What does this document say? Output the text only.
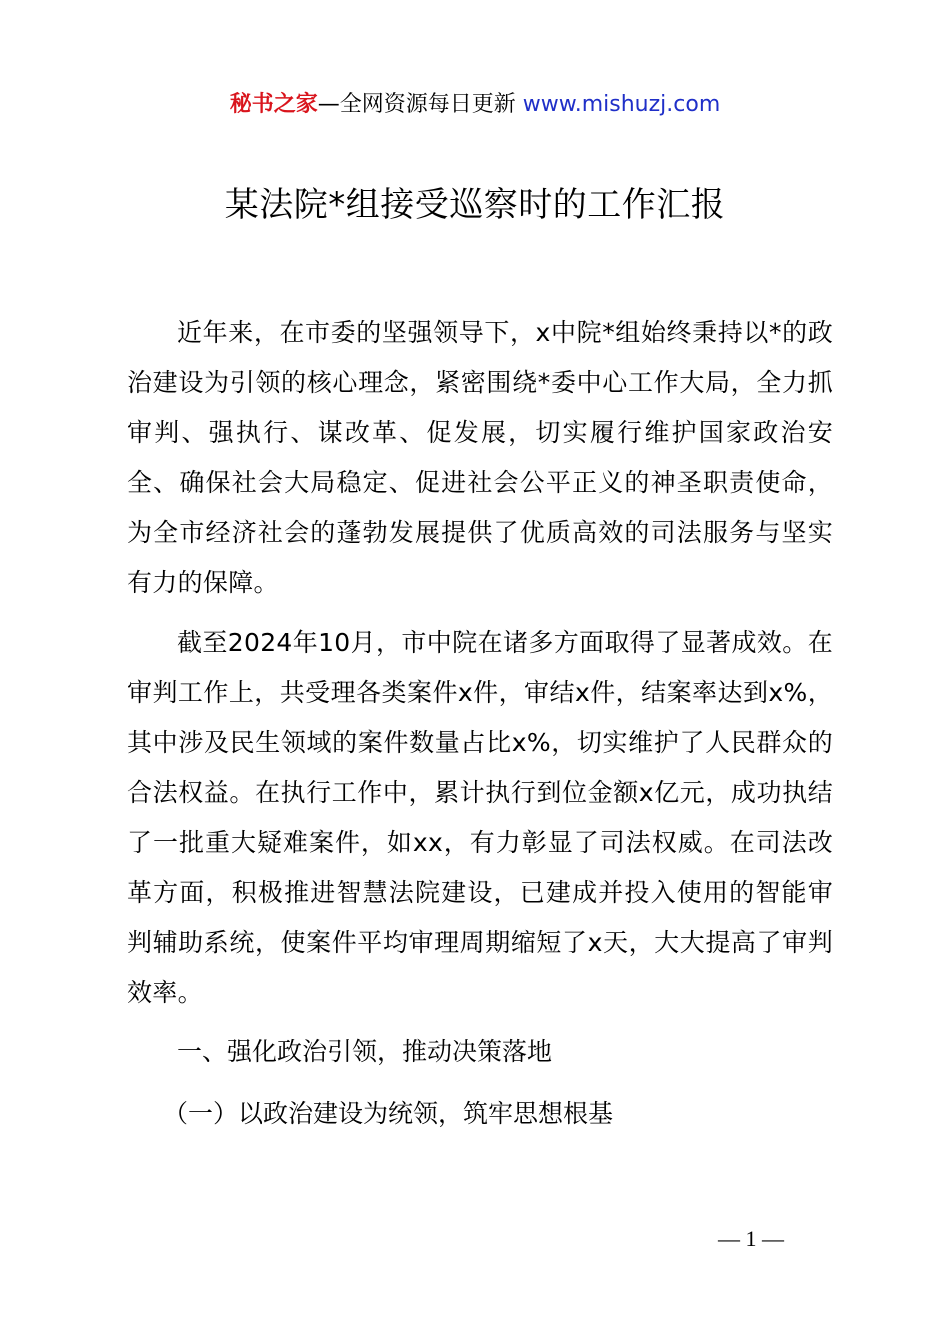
秘书之家—全网资源每日更新 www.mishuzj.com
某法院*组接受巡察时的工作汇报

近年来，在市委的坚强领导下，x中院*组始终秉持以*的政治建设为引领的核心理念，紧密围绕*委中心工作大局，全力抓审判、强执行、谋改革、促发展，切实履行维护国家政治安全、确保社会大局稳定、促进社会公平正义的神圣职责使命，为全市经济社会的蓬勃发展提供了优质高效的司法服务与坚实有力的保障。

截至2024年10月，市中院在诸多方面取得了显著成效。在审判工作上，共受理各类案件x件，审结x件，结案率达到x%，其中涉及民生领域的案件数量占比x%，切实维护了人民群众的合法权益。在执行工作中，累计执行到位金额x亿元，成功执结了一批重大疑难案件，如xx，有力彰显了司法权威。在司法改革方面，积极推进智慧法院建设，已建成并投入使用的智能审判辅助系统，使案件平均审理周期缩短了x天，大大提高了审判效率。

一、强化政治引领，推动决策落地
（一）以政治建设为统领，筑牢思想根基
— 1 —
